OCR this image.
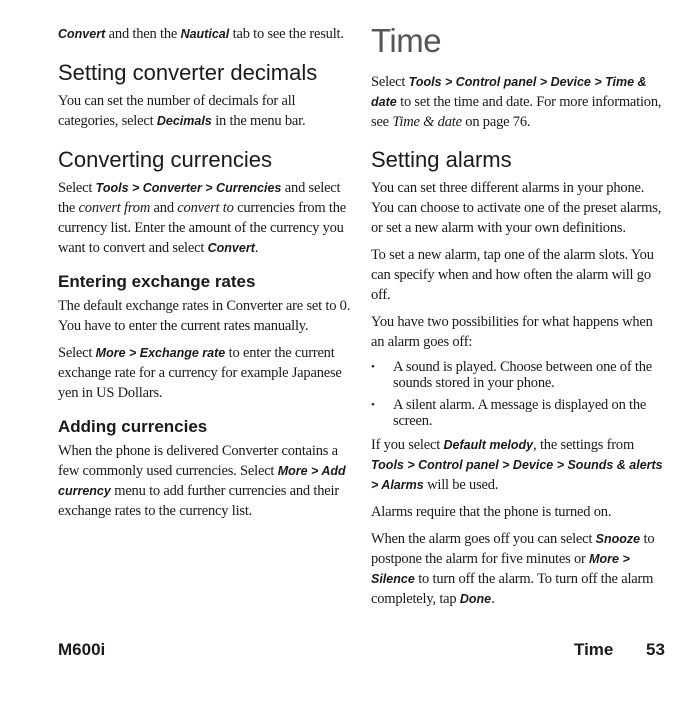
Convert and then the Nautical tab to see the result.

Setting converter decimals

You can set the number of decimals for all categories, select Decimals in the menu bar.

Converting currencies

Select Tools > Converter > Currencies and select the convert from and convert to currencies from the currency list. Enter the amount of the currency you want to convert and select Convert.

Entering exchange rates

The default exchange rates in Converter are set to 0. You have to enter the current rates manually.

Select More > Exchange rate to enter the current exchange rate for a currency for example Japanese yen in US Dollars.

Adding currencies

When the phone is delivered Converter contains a few commonly used currencies. Select More > Add currency menu to add further currencies and their exchange rates to the currency list.

Time

Select Tools > Control panel > Device > Time & date to set the time and date. For more information, see Time & date on page 76.

Setting alarms

You can set three different alarms in your phone. You can choose to activate one of the preset alarms, or set a new alarm with your own definitions.

To set a new alarm, tap one of the alarm slots. You can specify when and how often the alarm will go off.

You have two possibilities for what happens when an alarm goes off:

• A sound is played. Choose between one of the sounds stored in your phone.
• A silent alarm. A message is displayed on the screen.

If you select Default melody, the settings from Tools > Control panel > Device > Sounds & alerts > Alarms will be used.

Alarms require that the phone is turned on.

When the alarm goes off you can select Snooze to postpone the alarm for five minutes or More > Silence to turn off the alarm. To turn off the alarm completely, tap Done.

M600i	Time 53
